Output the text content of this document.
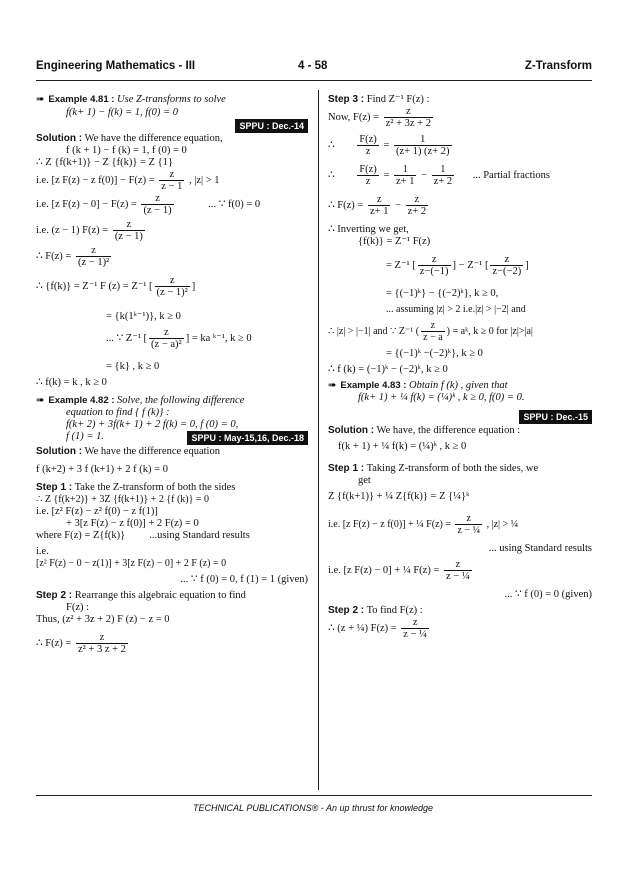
Engineering Mathematics - III	4 - 58	Z-Transform
➠ Example 4.81 : Use Z-transforms to solve
f(k+ 1) − f(k) = 1, f(0) = 0
SPPU : Dec.-14
Solution : We have the difference equation,
f (k + 1) − f (k) = 1, f (0) = 0
∴ Z {f(k+1)} − Z {f(k)} = Z {1}
i.e. [z F(z) − z $f(0)] - F(z) = \frac{z}{z - 1}$ , |z| > 1
i.e. [z $F(z) - 0] - F(z) = \frac{z}{(z - 1)}$	... ∵ f(0) = 0
i.e. (z − 1) $F(z) = \frac{z}{(z - 1)}$
∴ $F(z) = \frac{z}{\text{(z − 1)²}}$
∴ {f(k)} = Z⁻¹ F (z) = Z⁻¹ [ $\frac{z}{\text{(z − 1)²}}$ ]
= {k(1ᵏ⁻¹)}, k ≥ 0
... ∵ Z⁻¹ [ $\frac{z}{\text{(z − a)²}}$ ] = ka ᵏ⁻¹, k ≥ 0
= {k} , k ≥ 0
∴ f(k) = k , k ≥ 0
➠ Example 4.82 : Solve, the following difference
equation to find { f (k)} :
f(k+ 2) + 3f(k+ 1) + 2 f(k) = 0, f (0) = 0,
f (1) = 1.	SPPU : May-15,16, Dec.-18
Solution : We have the difference equation
f (k+2) + 3 f (k+1) + 2 f (k) = 0
Step 1 : Take the Z-transform of both the sides
∴ Z {f(k+2)} + 3Z {f(k+1)} + 2 {f (k)} = 0
i.e. [z² F(z) − z² f(0) − z f(1)]
+ 3[z F(z) − z f(0)] + 2 F(z) = 0
where F(z) = Z{f(k)} ...using Standard results
i.e.
[z² F(z) − 0 − z(1)] + 3[z F(z) − 0] + 2 F (z) = 0
... ∵ f (0) = 0, f (1) = 1 (given)
Step 2 : Rearrange this algebraic equation to find
F(z) :
Thus, (z² + 3z + 2) F (z) − z = 0
∴ $F(z) = \frac{z}{\text{z² + 3 z + 2}}$
Step 3 : Find Z⁻¹ F(z) :
Now, $F(z) = \frac{z}{\text{z² + 3z + 2}}$
∴ $\frac{F(z)}{z} = \frac{1}{(z+ 1) (z+ 2)}$
∴ $\frac{F(z)}{z} = \frac{1}{z+ 1} - \frac{1}{z+ 2}$ ... Partial fractions
∴ $F(z) = \frac{z}{z+ 1} - \frac{z}{z+ 2}$
∴ Inverting we get,
{f(k)} = Z⁻¹ F(z)
= Z⁻¹ [ $\frac{z}{z-(-1)}$ ] − Z⁻¹ [ $\frac{z}{z-(-2)}$ ]
= {(−1)ᵏ} − {(−2)ᵏ}, k ≥ 0,
... assuming |z| > 2 i.e.|z| > |−2| and
∴ |z| > |−1| and ∵ Z⁻¹ ( $\frac{z}{z - a}$ ) = aᵏ, k ≥ 0 for |z|>|a|
= {(−1)ᵏ −(−2)ᵏ}, k ≥ 0
∴ f (k) = (−1)ᵏ − (−2)ᵏ, k ≥ 0
➠ Example 4.83 : Obtain f (k) , given that
f(k+ 1) + ¼ f(k) = (¼)ᵏ , k ≥ 0, f(0) = 0.
SPPU : Dec.-15
Solution : We have, the difference equation :
f(k + 1) + ¼ f(k) = (¼)ᵏ , k ≥ 0
Step 1 : Taking Z-transform of both the sides, we
get
Z {f(k+1)} + ¼ Z{f(k)} = Z {¼}ᵏ
i.e. [z F(z) − z f(0)] + ¼ $F(z) = \frac{z}{\text{z − ¼}}$ , |z| > ¼
... using Standard results
i.e. [z F(z) − 0] + ¼ $F(z) = \frac{z}{\text{z − ¼}}$
... ∵ f (0) = 0 (given)
Step 2 : To find F(z) :
∴ (z + ¼) $F(z) = \frac{z}{\text{z − ¼}}$
TECHNICAL PUBLICATIONS® - An up thrust for knowledge
